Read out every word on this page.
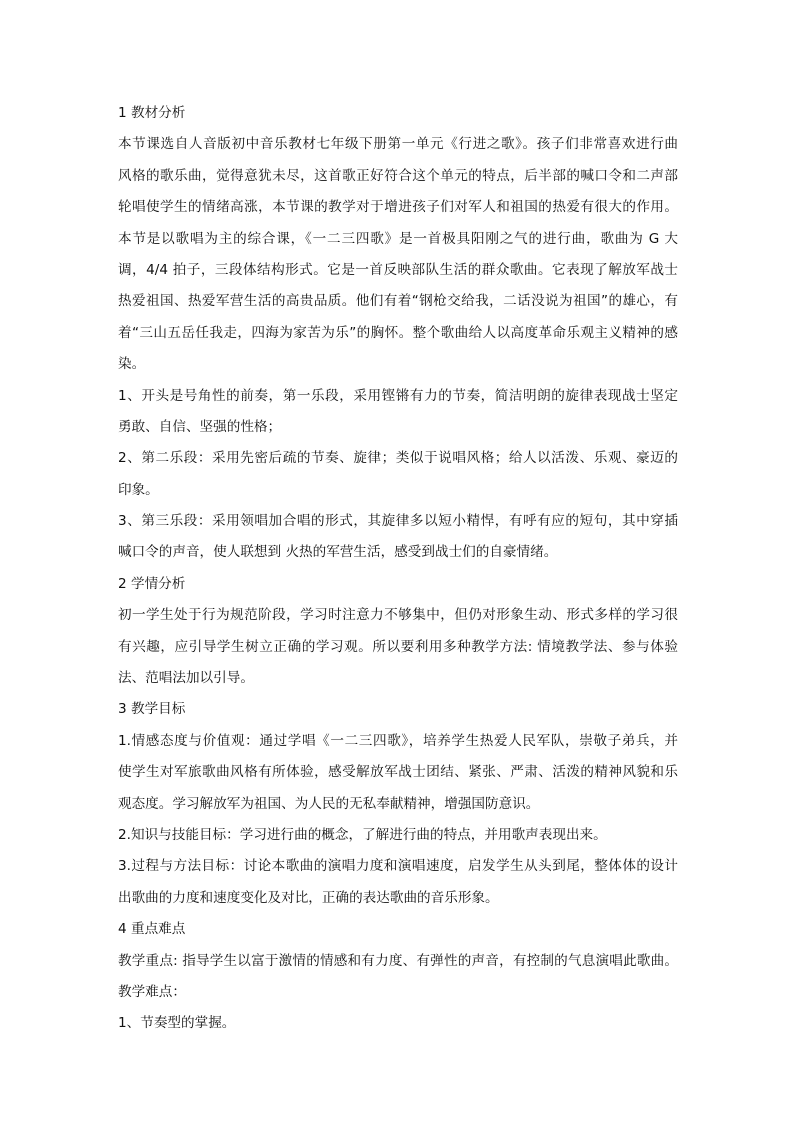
1 教材分析
本节课选自人音版初中音乐教材七年级下册第一单元《行进之歌》。孩子们非常喜欢进行曲
风格的歌乐曲，觉得意犹未尽，这首歌正好符合这个单元的特点，后半部的喊口令和二声部
轮唱使学生的情绪高涨，本节课的教学对于增进孩子们对军人和祖国的热爱有很大的作用。
本节是以歌唱为主的综合课，《一二三四歌》是一首极具阳刚之气的进行曲，歌曲为 G 大
调，4/4 拍子，三段体结构形式。它是一首反映部队生活的群众歌曲。它表现了解放军战士
热爱祖国、热爱军营生活的高贵品质。他们有着“钢枪交给我，二话没说为祖国”的雄心，有
着“三山五岳任我走，四海为家苦为乐”的胸怀。整个歌曲给人以高度革命乐观主义精神的感
染。
1、开头是号角性的前奏，第一乐段，采用铿锵有力的节奏，简洁明朗的旋律表现战士坚定
勇敢、自信、坚强的性格；
2、第二乐段：采用先密后疏的节奏、旋律；类似于说唱风格；给人以活泼、乐观、豪迈的
印象。
3、第三乐段：采用领唱加合唱的形式，其旋律多以短小精悍，有呼有应的短句，其中穿插
喊口令的声音，使人联想到 火热的军营生活，感受到战士们的自豪情绪。
2 学情分析
初一学生处于行为规范阶段，学习时注意力不够集中，但仍对形象生动、形式多样的学习很
有兴趣，应引导学生树立正确的学习观。所以要利用多种教学方法: 情境教学法、参与体验
法、范唱法加以引导。
3 教学目标
1.情感态度与价值观：通过学唱《一二三四歌》，培养学生热爱人民军队，崇敬子弟兵，并
使学生对军旅歌曲风格有所体验，感受解放军战士团结、紧张、严肃、活泼的精神风貌和乐
观态度。学习解放军为祖国、为人民的无私奉献精神，增强国防意识。
2.知识与技能目标：学习进行曲的概念，了解进行曲的特点，并用歌声表现出来。
3.过程与方法目标：讨论本歌曲的演唱力度和演唱速度，启发学生从头到尾，整体体的设计
出歌曲的力度和速度变化及对比，正确的表达歌曲的音乐形象。
4 重点难点
教学重点: 指导学生以富于激情的情感和有力度、有弹性的声音，有控制的气息演唱此歌曲。
教学难点：
1、节奏型的掌握。
